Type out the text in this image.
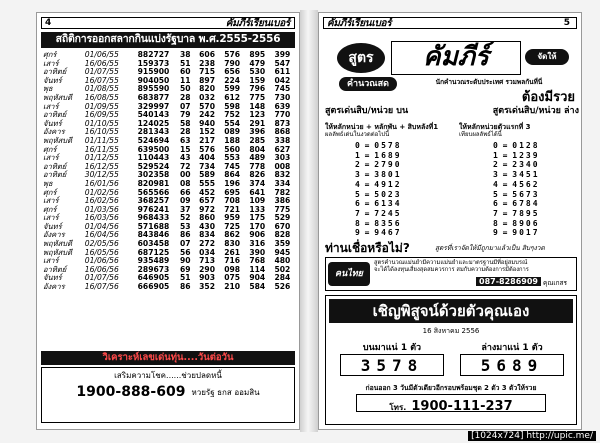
4	คัมภีร์เรียนเบอร์
สถิติการออกสลากกินแบ่งรัฐบาล พ.ศ.2555-2556
ศุกร์	01/06/55	882727	38	606	576	895	399
เสาร์	16/06/55	159373	51	238	790	479	547
อาทิตย์	01/07/55	915900	60	715	656	530	611
จันทร์	16/07/55	904050	11	897	224	159	042
พุธ	01/08/55	895590	50	820	599	796	745
พฤหัสบดี	16/08/55	683877	28	032	612	775	730
เสาร์	01/09/55	329997	07	570	598	148	639
อาทิตย์	16/09/55	540143	79	242	752	123	770
จันทร์	01/10/55	124025	58	940	554	291	873
อังคาร	16/10/55	281343	28	152	089	396	868
พฤหัสบดี	01/11/55	524694	63	217	188	285	338
ศุกร์	16/11/55	639500	15	576	560	804	627
เสาร์	01/12/55	110443	43	404	553	489	303
อาทิตย์	16/12/55	529524	72	734	745	778	008
อาทิตย์	30/12/55	302358	00	589	864	826	832
พุธ	16/01/56	820981	08	555	196	374	334
ศุกร์	01/02/56	565566	66	452	695	641	782
เสาร์	16/02/56	368257	09	657	708	109	386
ศุกร์	01/03/56	976241	37	972	721	133	775
เสาร์	16/03/56	968433	52	860	959	175	529
จันทร์	01/04/56	571688	53	430	725	170	670
อังคาร	16/04/56	843846	86	834	862	906	828
พฤหัสบดี	02/05/56	603458	07	272	830	316	359
พฤหัสบดี	16/05/56	687125	56	034	261	390	945
เสาร์	01/06/56	935489	90	713	716	768	480
อาทิตย์	16/06/56	289673	69	290	098	114	502
จันทร์	01/07/56	646905	51	903	075	904	284
อังคาร	16/07/56	666905	86	352	210	584	526
วิเคราะห์เลขเด่นทุ่น....วันต่อวัน
เสริมความโชค......ช่วยปลดหนี้
1900-888-609 หวยรัฐ ธกส ออมสิน
คัมภีร์เรียนเบอร์	5
สูตร	คัมภีร์	จัดให้
คำนวณสด	นักคำนวณระดับประเทศ รวมพลกันที่นี่
ต้องมีรวย
สูตรเด่นสิบ/หน่วย บน	สูตรเด่นสิบ/หน่วย ล่าง
ให้หลักหน่วย + หลักพัน + สิบหลังที่1
ผลลัพธ์เด่นในงวดต่อไปนี้
0 = 0578
1 = 1689
2 = 2790
3 = 3801
4 = 4912
5 = 5023
6 = 6134
7 = 7245
8 = 8356
9 = 9467
ให้หลักหน่วยตัวแรกที่ 3
เทียบผลลัพธ์ได้นี้
0 = 0128
1 = 1239
2 = 2340
3 = 3451
4 = 4562
5 = 5673
6 = 6784
7 = 7895
8 = 8906
9 = 9017
ท่านเชื่อหรือไม่?	สูตรที่เราจัดให้มีถูกมาแล้วเป็น สิบๆงวด
คนไทย
สูตรคำนวณแม่นยำมีความแม่นยำและมาตรฐานมีที่อยู่สมบรณ์
จะได้ได้ลงทุนเสี่ยงสุดสมควรการ สมกับความต้องการมีต้องการ
087-8286909 คุณเกสร
เชิญพิสูจน์ด้วยตัวคุณเอง
16 สิงหาคม 2556
บนมาแน่ 1 ตัว	ล่างมาแน่ 1 ตัว
3578	5689
ก่อนออก 3 วันมีตัวเดียวอีกรอบพร้อมชุด 2 ตัว 3 ตัวให้รวย
โทร. 1900-111-237
[1024x724] http://upic.me/
